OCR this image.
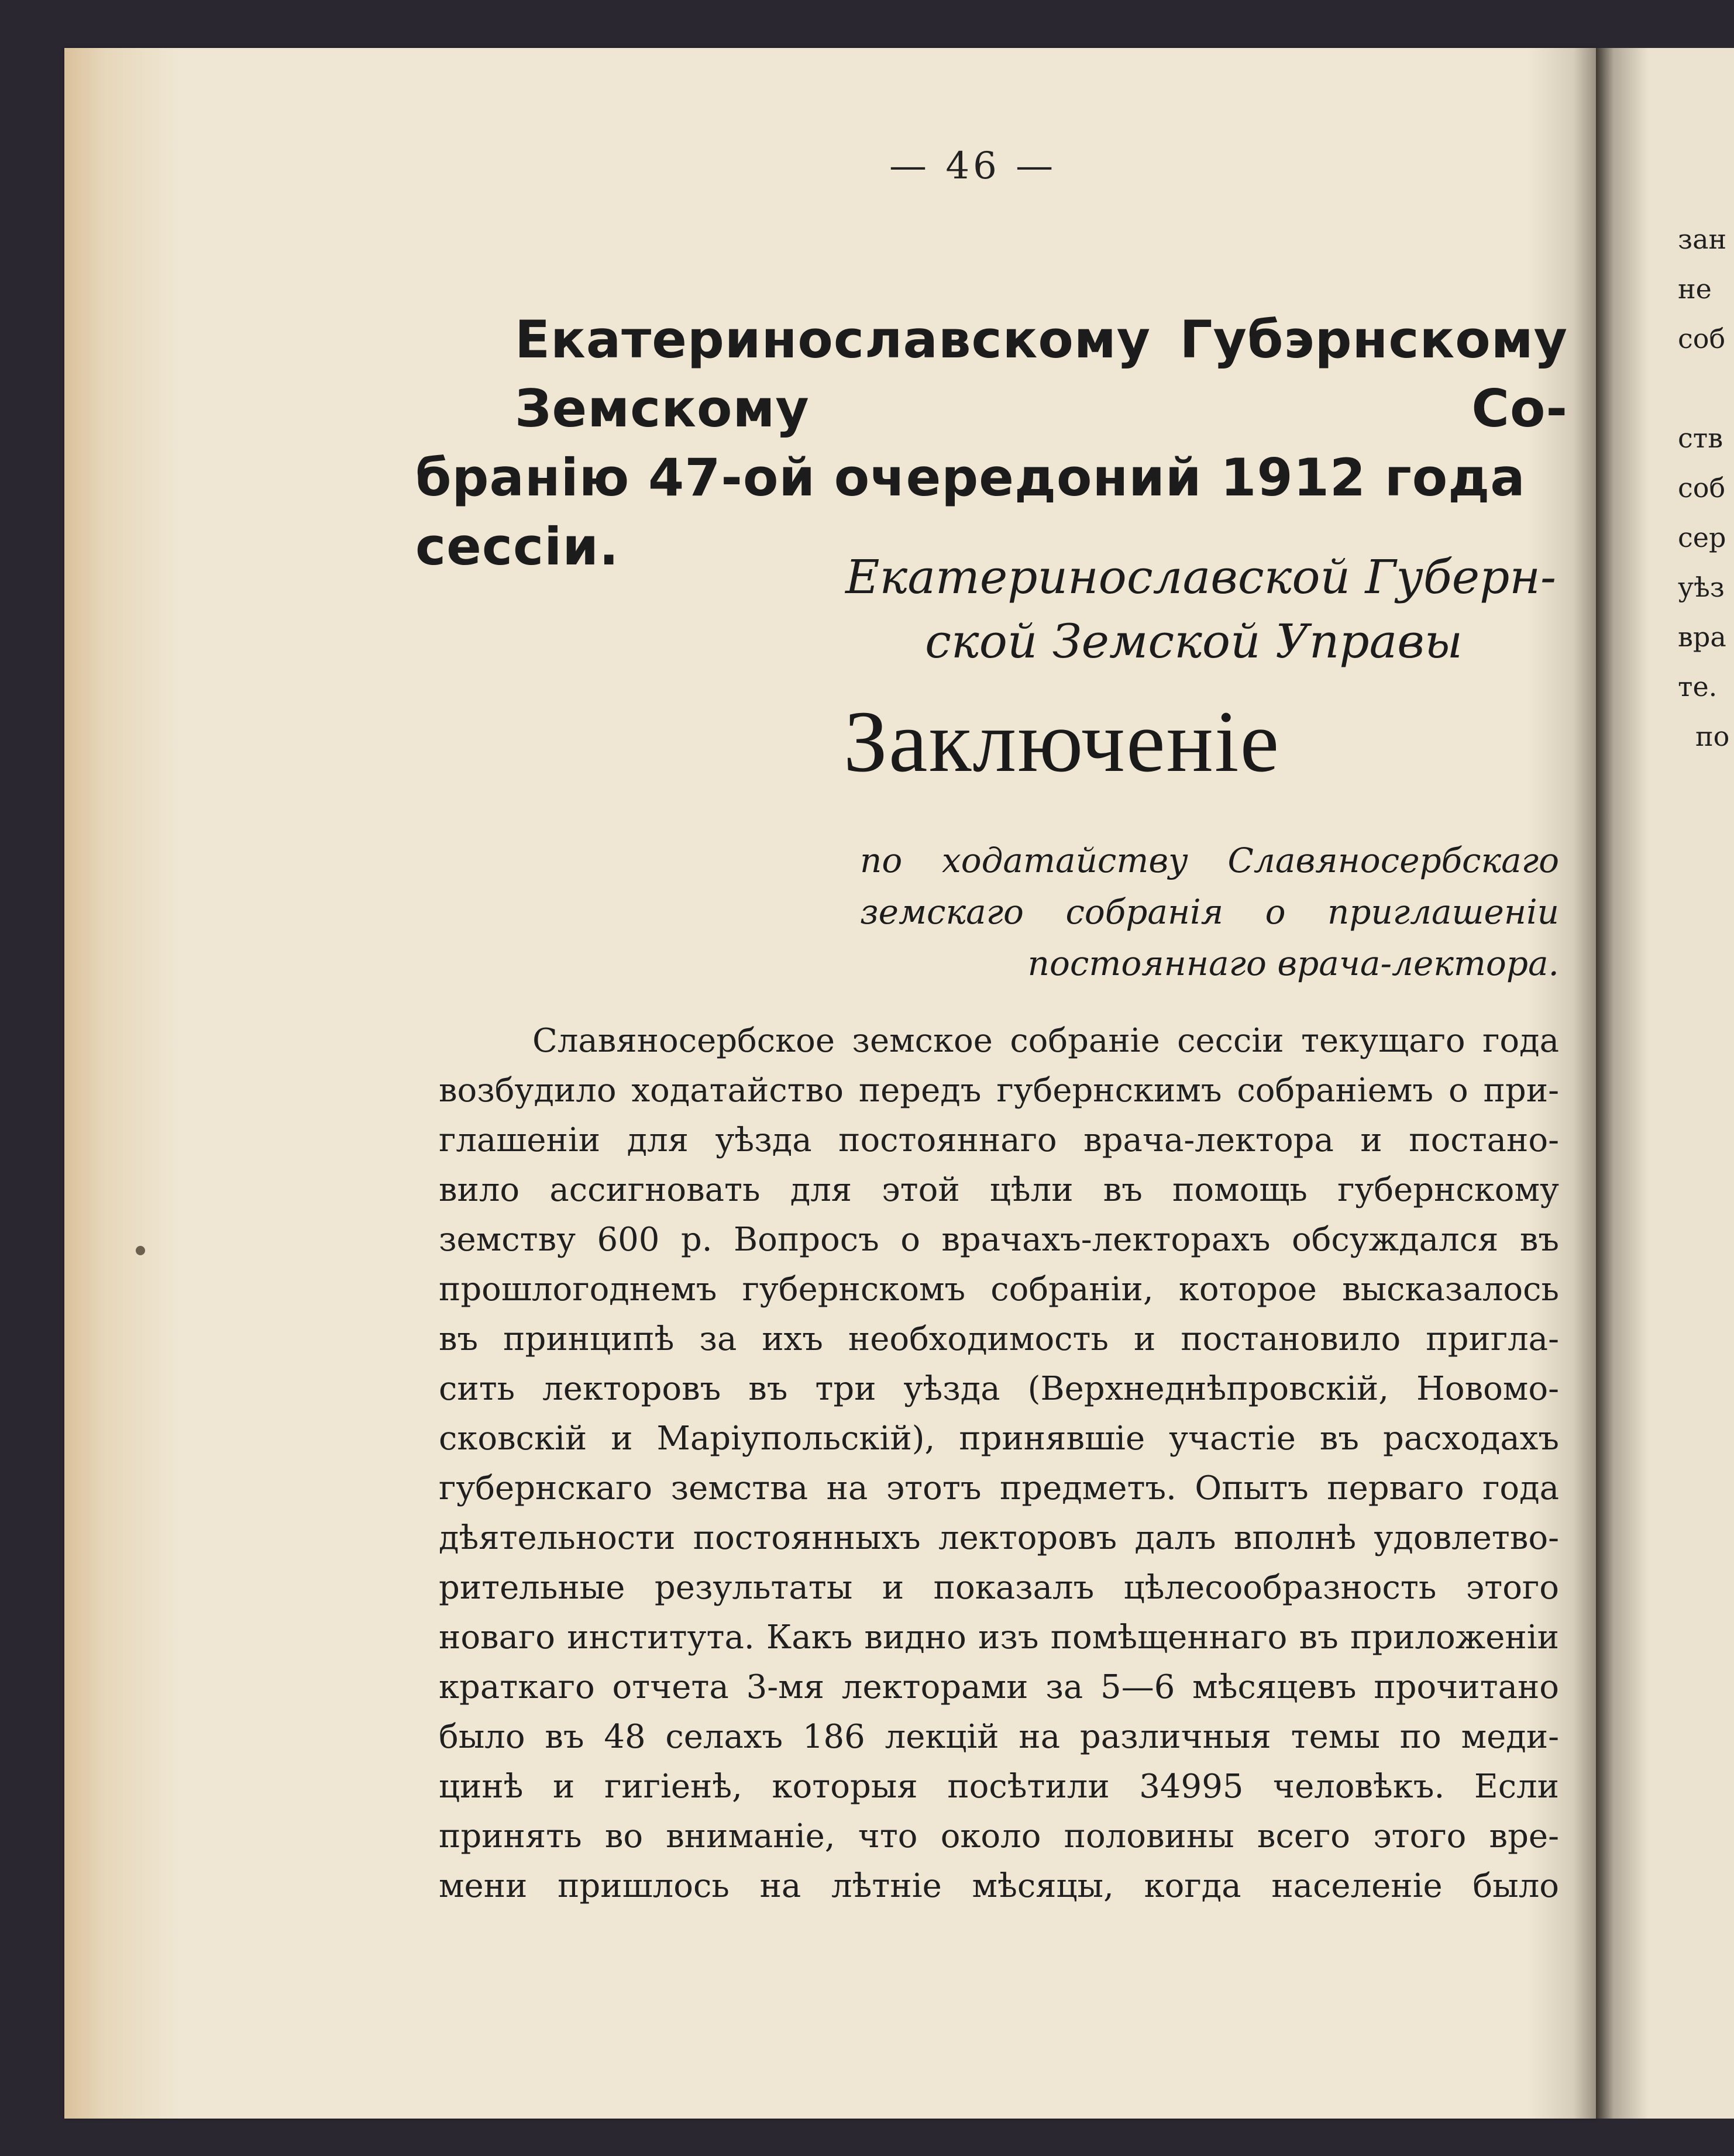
зан
не
соб
ств
соб
сер
уѣз
вра
те.
по
— 46 —
Екатеринославскому Губэрнскому Земскому Со-
бранію 47-ой очередоний 1912 года сессіи.
Екатеринославской Губерн-
ской Земской Управы
Заключеніе
по ходатайству Славяносербскаго
земскаго собранія о приглашеніи
постояннаго врача-лектора.
Славяносербское земское собраніе сессіи текущаго года
возбудило ходатайство передъ губернскимъ собраніемъ о при-
глашеніи для уѣзда постояннаго врача-лектора и постано-
вило ассигновать для этой цѣли въ помощь губернскому
земству 600 р. Вопросъ о врачахъ-лекторахъ обсуждался въ
прошлогоднемъ губернскомъ собраніи, которое высказалось
въ принципѣ за ихъ необходимость и постановило пригла-
сить лекторовъ въ три уѣзда (Верхнеднѣпровскій, Новомо-
сковскій и Маріупольскій), принявшіе участіе въ расходахъ
губернскаго земства на этотъ предметъ. Опытъ перваго года
дѣятельности постоянныхъ лекторовъ далъ вполнѣ удовлетво-
рительные результаты и показалъ цѣлесообразность этого
новаго института. Какъ видно изъ помѣщеннаго въ приложеніи
краткаго отчета 3-мя лекторами за 5—6 мѣсяцевъ прочитано
было въ 48 селахъ 186 лекцій на различныя темы по меди-
цинѣ и гигіенѣ, которыя посѣтили 34995 человѣкъ. Если
принять во вниманіе, что около половины всего этого вре-
мени пришлось на лѣтніе мѣсяцы, когда населеніе было
